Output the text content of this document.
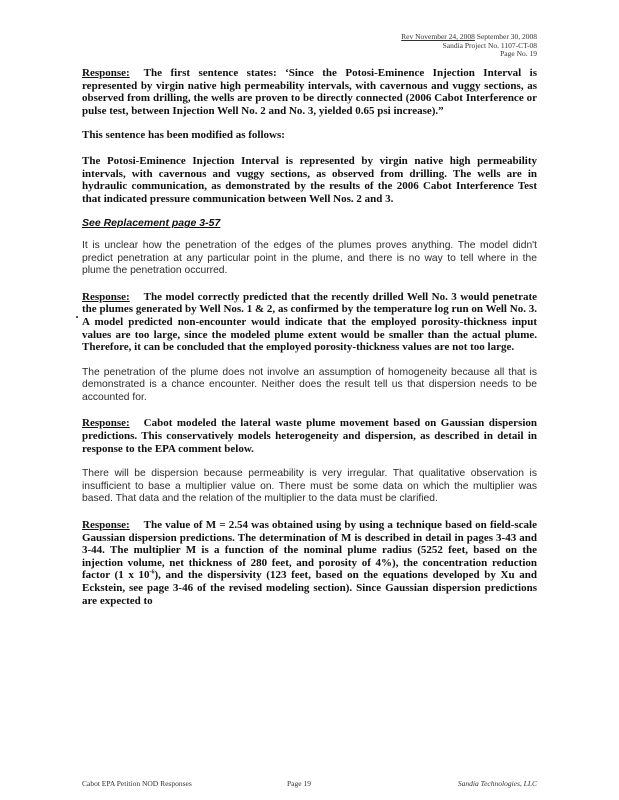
Rev November 24, 2008 September 30, 2008
Sandia Project No. 1107-CT-08
Page No. 19

Response: The first sentence states: ‘Since the Potosi-Eminence Injection Interval is represented by virgin native high permeability intervals, with cavernous and vuggy sections, as observed from drilling, the wells are proven to be directly connected (2006 Cabot Interference or pulse test, between Injection Well No. 2 and No. 3, yielded 0.65 psi increase).”

This sentence has been modified as follows:

The Potosi-Eminence Injection Interval is represented by virgin native high permeability intervals, with cavernous and vuggy sections, as observed from drilling. The wells are in hydraulic communication, as demonstrated by the results of the 2006 Cabot Interference Test that indicated pressure communication between Well Nos. 2 and 3.

See Replacement page 3-57

It is unclear how the penetration of the edges of the plumes proves anything. The model didn't predict penetration at any particular point in the plume, and there is no way to tell where in the plume the penetration occurred.

Response: The model correctly predicted that the recently drilled Well No. 3 would penetrate the plumes generated by Well Nos. 1 & 2, as confirmed by the temperature log run on Well No. 3. A model predicted non-encounter would indicate that the employed porosity-thickness input values are too large, since the modeled plume extent would be smaller than the actual plume. Therefore, it can be concluded that the employed porosity-thickness values are not too large.

The penetration of the plume does not involve an assumption of homogeneity because all that is demonstrated is a chance encounter. Neither does the result tell us that dispersion needs to be accounted for.

Response: Cabot modeled the lateral waste plume movement based on Gaussian dispersion predictions. This conservatively models heterogeneity and dispersion, as described in detail in response to the EPA comment below.

There will be dispersion because permeability is very irregular. That qualitative observation is insufficient to base a multiplier value on. There must be some data on which the multiplier was based. That data and the relation of the multiplier to the data must be clarified.

Response: The value of M = 2.54 was obtained using by using a technique based on field-scale Gaussian dispersion predictions. The determination of M is described in detail in pages 3-43 and 3-44. The multiplier M is a function of the nominal plume radius (5252 feet, based on the injection volume, net thickness of 280 feet, and porosity of 4%), the concentration reduction factor (1 x $10^{-6}$), and the dispersivity (123 feet, based on the equations developed by Xu and Eckstein, see page 3-46 of the revised modeling section). Since Gaussian dispersion predictions are expected to

Cabot EPA Petition NOD Responses	Page 19	Sandia Technologies, LLC
